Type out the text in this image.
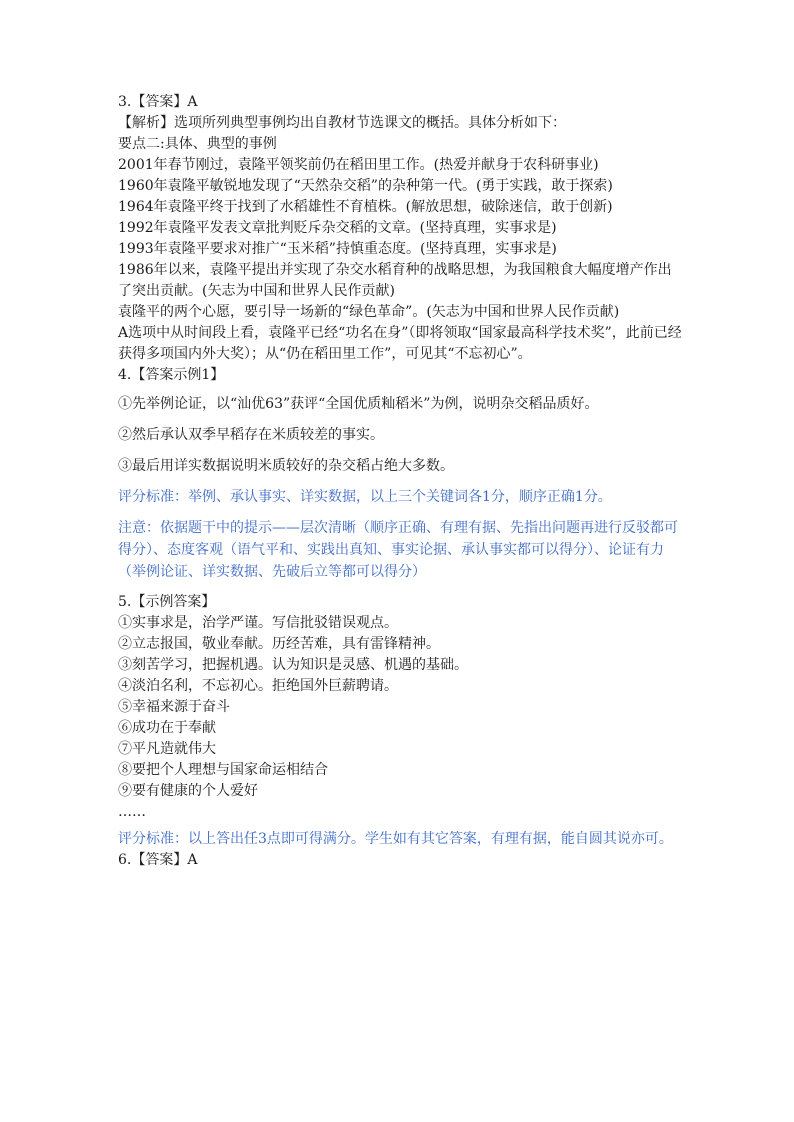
3.【答案】A

【解析】选项所列典型事例均出自教材节选课文的概括。具体分析如下：

要点二:具体、典型的事例

2001年春节刚过，袁隆平领奖前仍在稻田里工作。(热爱并献身于农科研事业)

1960年袁隆平敏锐地发现了“天然杂交稻”的杂种第一代。(勇于实践，敢于探索)

1964年袁隆平终于找到了水稻雄性不育植株。(解放思想，破除迷信，敢于创新)

1992年袁隆平发表文章批判贬斥杂交稻的文章。(坚持真理，实事求是)

1993年袁隆平要求对推广“玉米稻”持慎重态度。(坚持真理，实事求是)

1986年以来，袁隆平提出并实现了杂交水稻育种的战略思想，为我国粮食大幅度增产作出了突出贡献。(矢志为中国和世界人民作贡献)

袁隆平的两个心愿，要引导一场新的“绿色革命”。(矢志为中国和世界人民作贡献)

A选项中从时间段上看，袁隆平已经“功名在身”（即将领取“国家最高科学技术奖”，此前已经获得多项国内外大奖）；从“仍在稻田里工作”，可见其“不忘初心”。

4.【答案示例1】

①先举例论证，以“汕优63”获评“全国优质籼稻米”为例，说明杂交稻品质好。

②然后承认双季早稻存在米质较差的事实。

③最后用详实数据说明米质较好的杂交稻占绝大多数。

评分标准：举例、承认事实、详实数据，以上三个关键词各1分，顺序正确1分。

注意：依据题干中的提示——层次清晰（顺序正确、有理有据、先指出问题再进行反驳都可得分）、态度客观（语气平和、实践出真知、事实论据、承认事实都可以得分）、论证有力（举例论证、详实数据、先破后立等都可以得分）

5.【示例答案】

①实事求是，治学严谨。写信批驳错误观点。

②立志报国，敬业奉献。历经苦难，具有雷锋精神。

③刻苦学习，把握机遇。认为知识是灵感、机遇的基础。

④淡泊名利，不忘初心。拒绝国外巨薪聘请。

⑤幸福来源于奋斗

⑥成功在于奉献

⑦平凡造就伟大

⑧要把个人理想与国家命运相结合

⑨要有健康的个人爱好

……

评分标准：以上答出任3点即可得满分。学生如有其它答案，有理有据，能自圆其说亦可。

6.【答案】A
